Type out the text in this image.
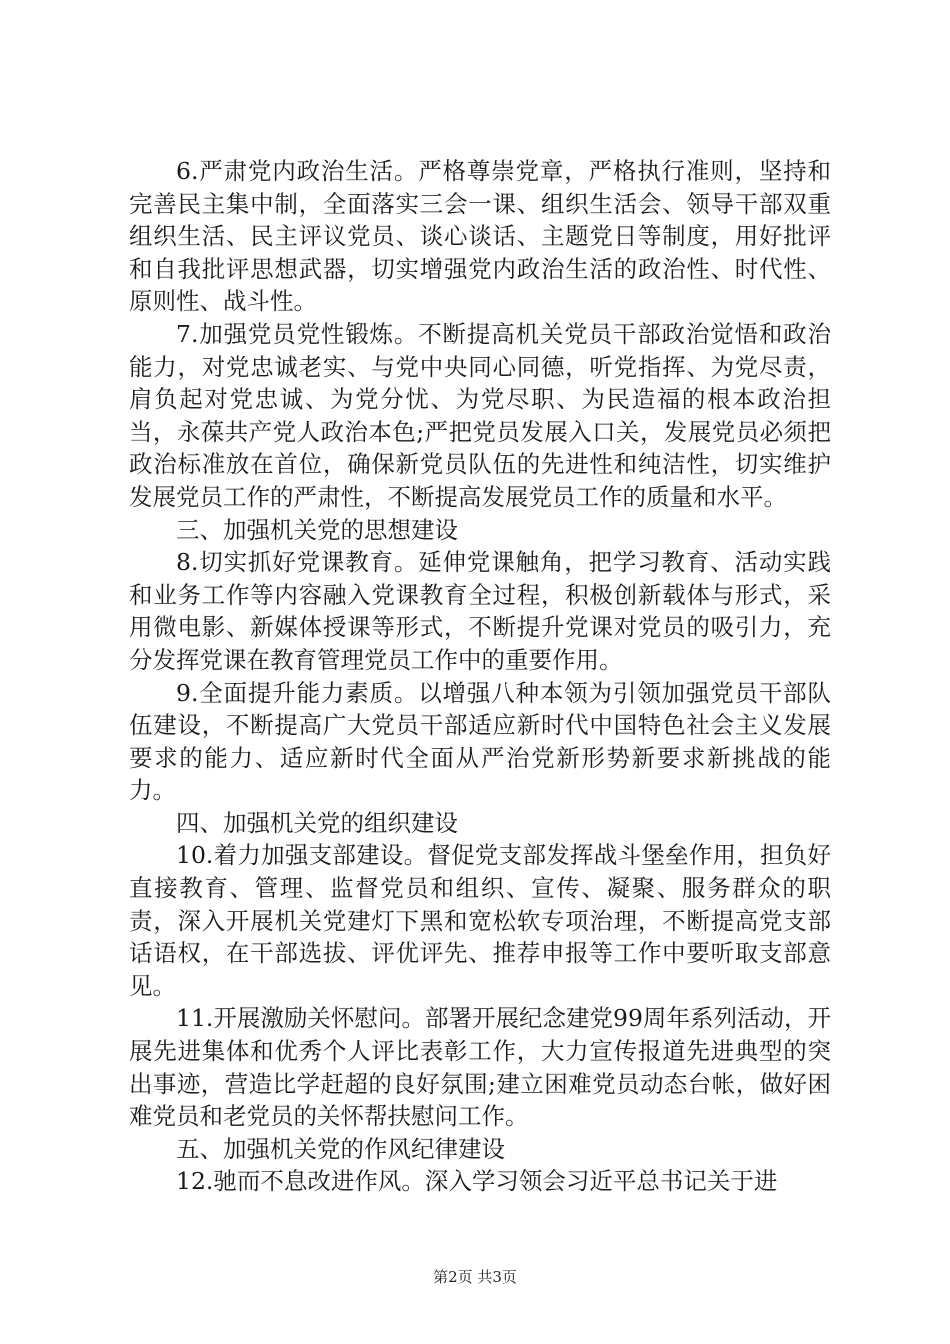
6.严肃党内政治生活。严格尊崇党章，严格执行准则，坚持和完善民主集中制，全面落实三会一课、组织生活会、领导干部双重组织生活、民主评议党员、谈心谈话、主题党日等制度，用好批评和自我批评思想武器，切实增强党内政治生活的政治性、时代性、原则性、战斗性。

7.加强党员党性锻炼。不断提高机关党员干部政治觉悟和政治能力，对党忠诚老实、与党中央同心同德，听党指挥、为党尽责，肩负起对党忠诚、为党分忧、为党尽职、为民造福的根本政治担当，永葆共产党人政治本色;严把党员发展入口关，发展党员必须把政治标准放在首位，确保新党员队伍的先进性和纯洁性，切实维护发展党员工作的严肃性，不断提高发展党员工作的质量和水平。

三、加强机关党的思想建设

8.切实抓好党课教育。延伸党课触角，把学习教育、活动实践和业务工作等内容融入党课教育全过程，积极创新载体与形式，采用微电影、新媒体授课等形式，不断提升党课对党员的吸引力，充分发挥党课在教育管理党员工作中的重要作用。

9.全面提升能力素质。以增强八种本领为引领加强党员干部队伍建设，不断提高广大党员干部适应新时代中国特色社会主义发展要求的能力、适应新时代全面从严治党新形势新要求新挑战的能力。

四、加强机关党的组织建设

10.着力加强支部建设。督促党支部发挥战斗堡垒作用，担负好直接教育、管理、监督党员和组织、宣传、凝聚、服务群众的职责，深入开展机关党建灯下黑和宽松软专项治理，不断提高党支部话语权，在干部选拔、评优评先、推荐申报等工作中要听取支部意见。

11.开展激励关怀慰问。部署开展纪念建党99周年系列活动，开展先进集体和优秀个人评比表彰工作，大力宣传报道先进典型的突出事迹，营造比学赶超的良好氛围;建立困难党员动态台帐，做好困难党员和老党员的关怀帮扶慰问工作。

五、加强机关党的作风纪律建设

12.驰而不息改进作风。深入学习领会习近平总书记关于进

第2页 共3页
